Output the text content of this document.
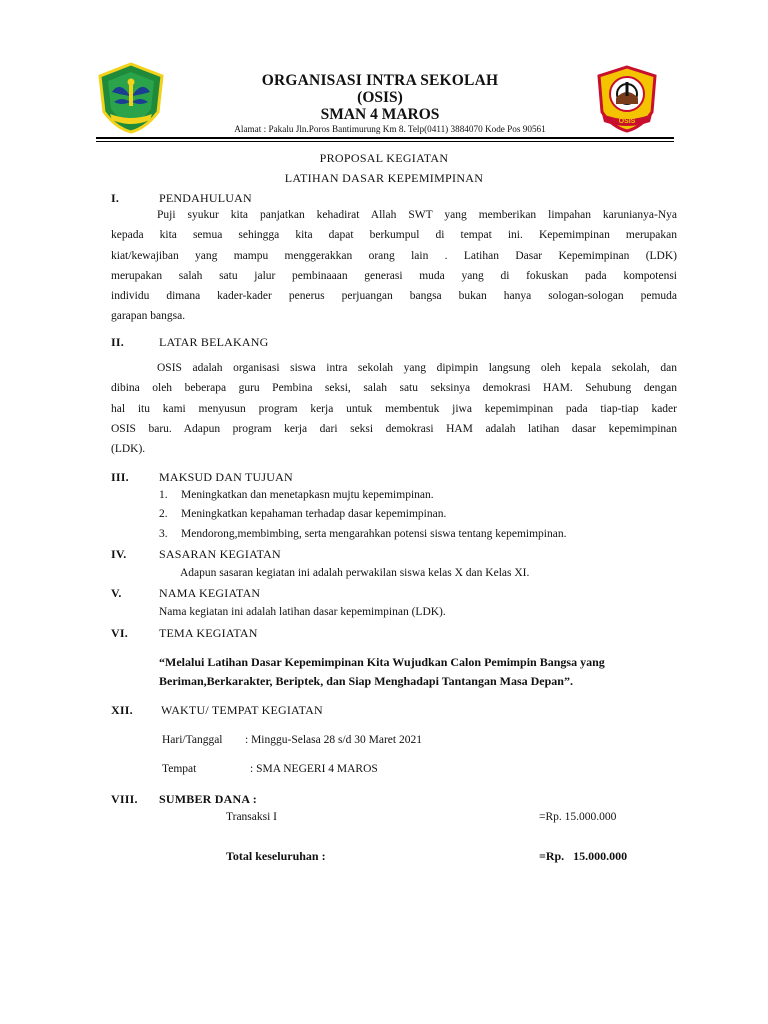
OSIS
ORGANISASI INTRA SEKOLAH
(OSIS)
SMAN 4 MAROS
Alamat : Pakalu Jln.Poros Bantimurung Km 8. Telp(0411) 3884070 Kode Pos 90561
PROPOSAL KEGIATAN
LATIHAN DASAR KEPEMIMPINAN
I.	PENDAHULUAN
Puji syukur kita panjatkan kehadirat Allah SWT yang memberikan limpahan karunianya-Nya
kepada kita semua sehingga kita dapat berkumpul di tempat ini. Kepemimpinan merupakan
kiat/kewajiban yang mampu menggerakkan orang lain . Latihan Dasar Kepemimpinan (LDK)
merupakan salah satu jalur pembinaaan generasi muda yang di fokuskan pada kompotensi
individu dimana kader-kader penerus perjuangan bangsa bukan hanya sologan-sologan pemuda
garapan bangsa.
II.	LATAR BELAKANG
OSIS adalah organisasi siswa intra sekolah yang dipimpin langsung oleh kepala sekolah, dan
dibina oleh beberapa guru Pembina seksi, salah satu seksinya demokrasi HAM. Sehubung dengan
hal itu kami menyusun program kerja untuk membentuk jiwa kepemimpinan pada tiap-tiap kader
OSIS baru. Adapun program kerja dari seksi demokrasi HAM adalah latihan dasar kepemimpinan
(LDK).
III.	MAKSUD DAN TUJUAN
1. Meningkatkan dan menetapkasn mujtu kepemimpinan.
2. Meningkatkan kepahaman terhadap dasar kepemimpinan.
3. Mendorong,membimbing, serta mengarahkan potensi siswa tentang kepemimpinan.
IV.	SASARAN KEGIATAN
Adapun sasaran kegiatan ini adalah perwakilan siswa kelas X dan Kelas XI.
V.	NAMA KEGIATAN
Nama kegiatan ini adalah latihan dasar kepemimpinan (LDK).
VI.	TEMA KEGIATAN
“Melalui Latihan Dasar Kepemimpinan Kita Wujudkan Calon Pemimpin Bangsa yang
Beriman,Berkarakter, Beriptek, dan Siap Menghadapi Tantangan Masa Depan”.
XII. WAKTU/ TEMPAT KEGIATAN
Hari/Tanggal : Minggu-Selasa 28 s/d 30 Maret 2021
Tempat	: SMA NEGERI 4 MAROS
VIII. SUMBER DANA :
Transaksi I	=Rp. 15.000.000
Total keseluruhan :	=Rp.   15.000.000
